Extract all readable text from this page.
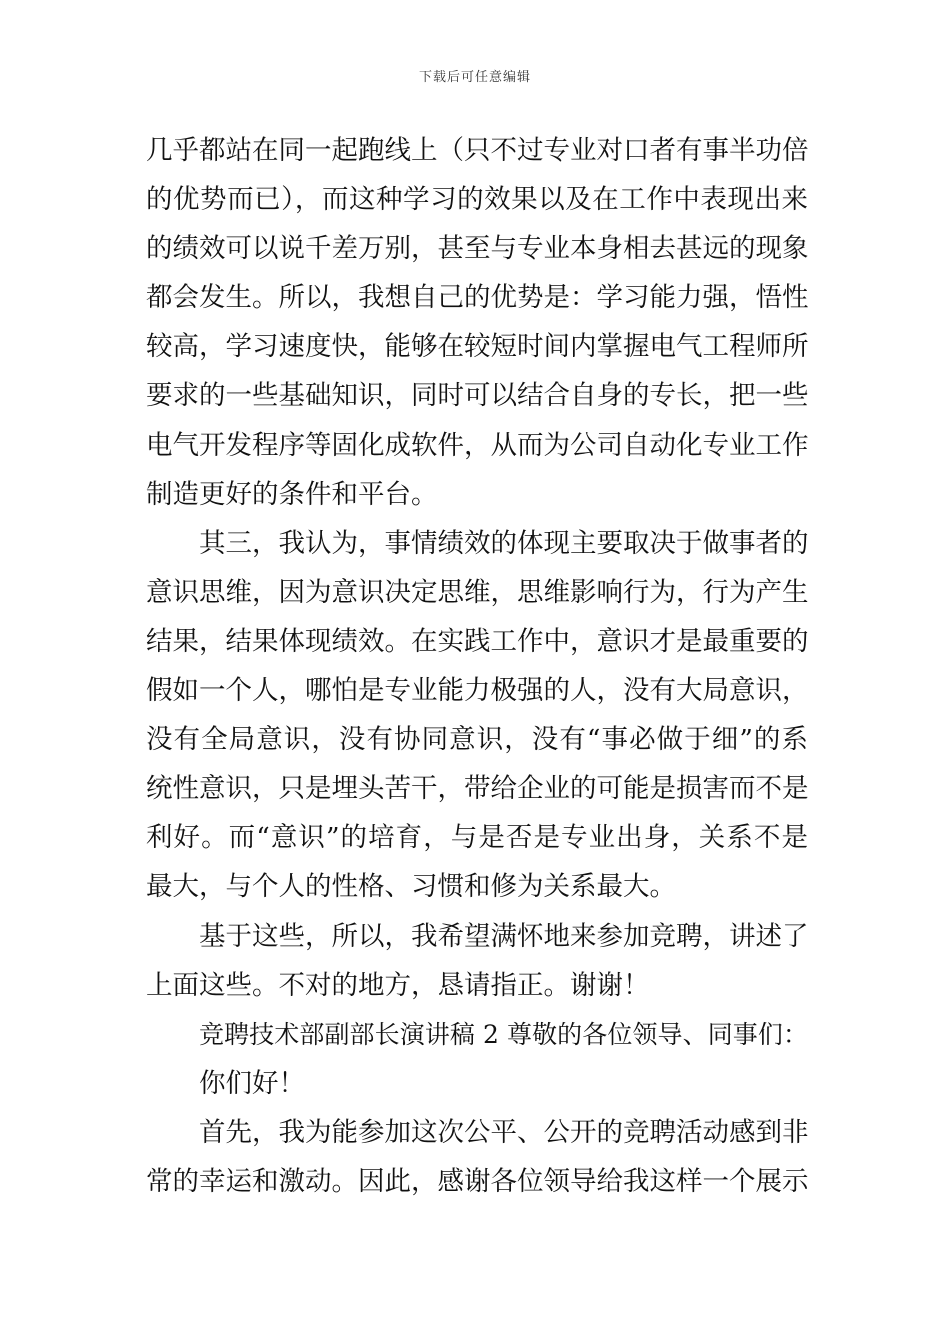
下载后可任意编辑
几乎都站在同一起跑线上（只不过专业对口者有事半功倍
的优势而已），而这种学习的效果以及在工作中表现出来
的绩效可以说千差万别，甚至与专业本身相去甚远的现象
都会发生。所以，我想自己的优势是：学习能力强，悟性
较高，学习速度快，能够在较短时间内掌握电气工程师所
要求的一些基础知识，同时可以结合自身的专长，把一些
电气开发程序等固化成软件，从而为公司自动化专业工作
制造更好的条件和平台。
其三，我认为，事情绩效的体现主要取决于做事者的
意识思维，因为意识决定思维，思维影响行为，行为产生
结果，结果体现绩效。在实践工作中，意识才是最重要的
假如一个人，哪怕是专业能力极强的人，没有大局意识，
没有全局意识，没有协同意识，没有“事必做于细”的系
统性意识，只是埋头苦干，带给企业的可能是损害而不是
利好。而“意识”的培育，与是否是专业出身，关系不是
最大，与个人的性格、习惯和修为关系最大。
基于这些，所以，我希望满怀地来参加竞聘，讲述了
上面这些。不对的地方，恳请指正。谢谢！
竞聘技术部副部长演讲稿 2 尊敬的各位领导、同事们：
你们好！
首先，我为能参加这次公平、公开的竞聘活动感到非
常的幸运和激动。因此，感谢各位领导给我这样一个展示
